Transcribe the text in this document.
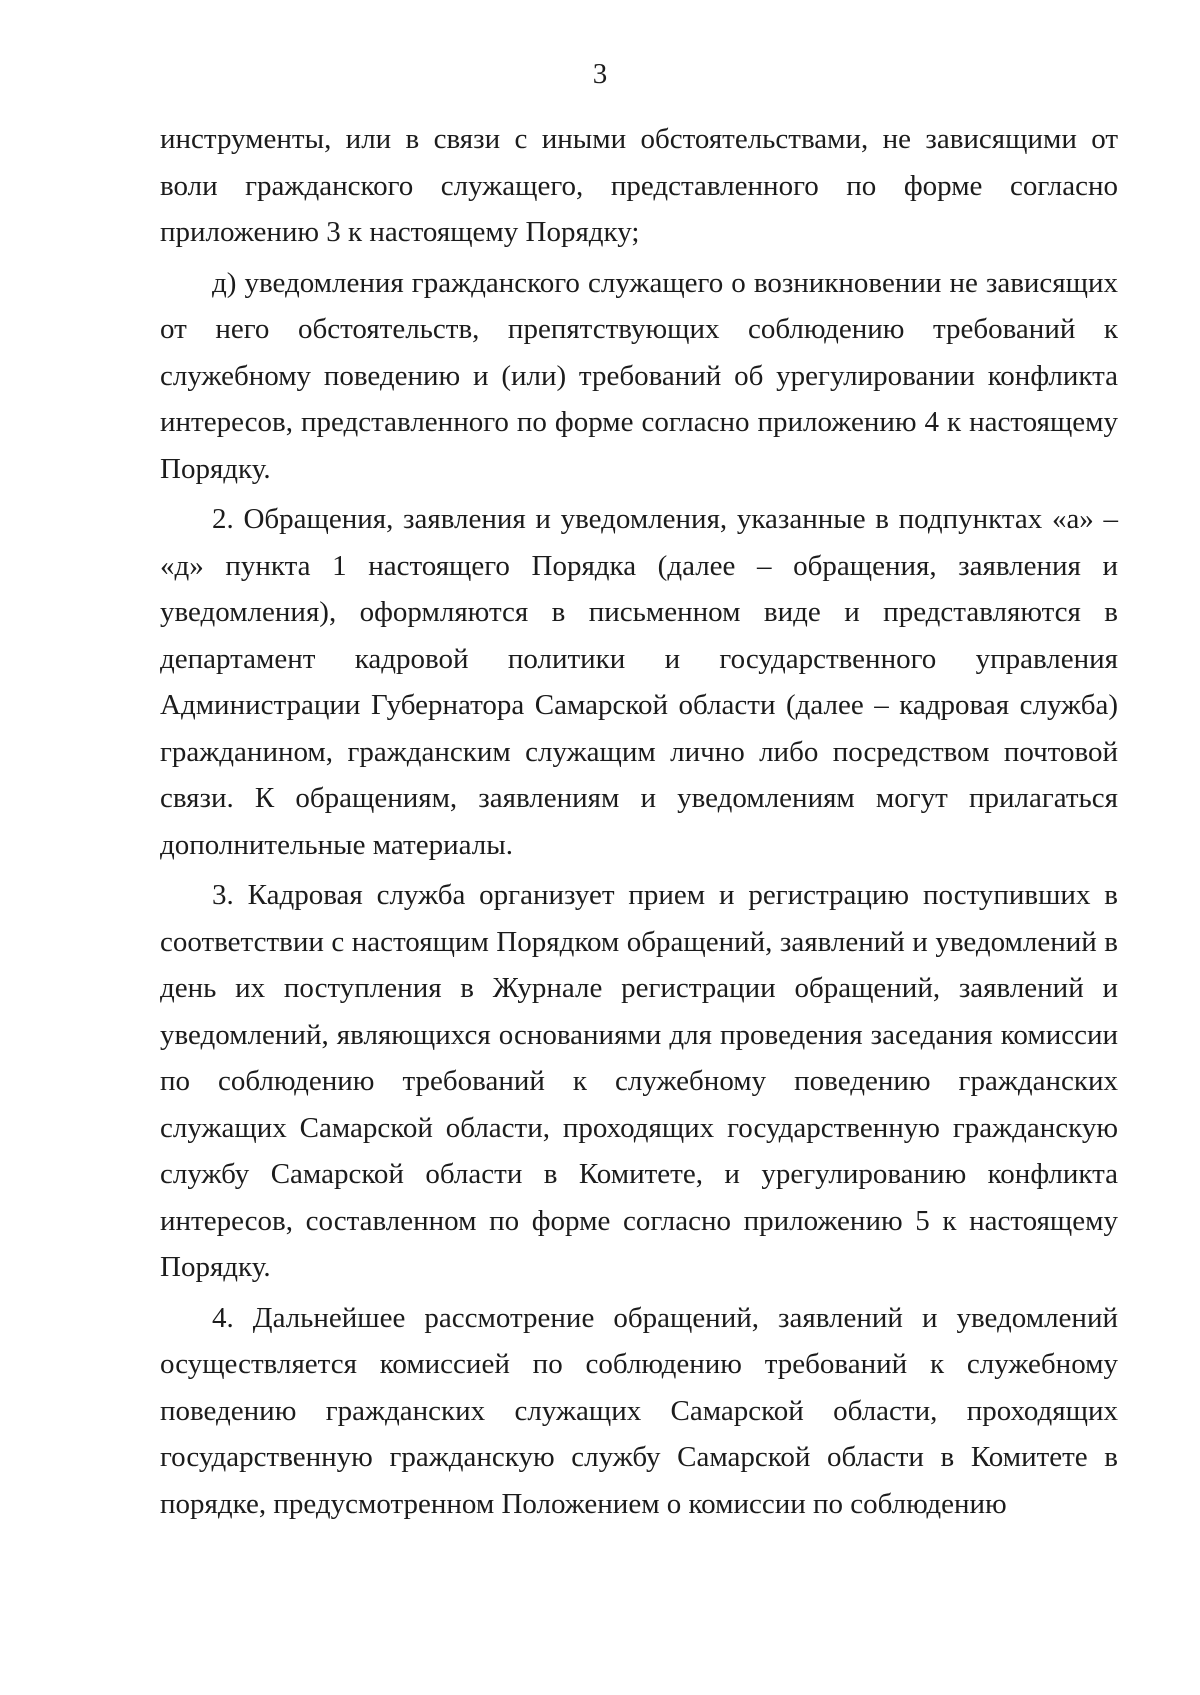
3

инструменты, или в связи с иными обстоятельствами, не зависящими от воли гражданского служащего, представленного по форме согласно приложению 3 к настоящему Порядку;

д) уведомления гражданского служащего о возникновении не зависящих от него обстоятельств, препятствующих соблюдению требований к служебному поведению и (или) требований об урегулировании конфликта интересов, представленного по форме согласно приложению 4 к настоящему Порядку.

2. Обращения, заявления и уведомления, указанные в подпунктах «а» – «д» пункта 1 настоящего Порядка (далее – обращения, заявления и уведомления), оформляются в письменном виде и представляются в департамент кадровой политики и государственного управления Администрации Губернатора Самарской области (далее – кадровая служба) гражданином, гражданским служащим лично либо посредством почтовой связи. К обращениям, заявлениям и уведомлениям могут прилагаться дополнительные материалы.

3. Кадровая служба организует прием и регистрацию поступивших в соответствии с настоящим Порядком обращений, заявлений и уведомлений в день их поступления в Журнале регистрации обращений, заявлений и уведомлений, являющихся основаниями для проведения заседания комиссии по соблюдению требований к служебному поведению гражданских служащих Самарской области, проходящих государственную гражданскую службу Самарской области в Комитете, и урегулированию конфликта интересов, составленном по форме согласно приложению 5 к настоящему Порядку.

4. Дальнейшее рассмотрение обращений, заявлений и уведомлений осуществляется комиссией по соблюдению требований к служебному поведению гражданских служащих Самарской области, проходящих государственную гражданскую службу Самарской области в Комитете в порядке, предусмотренном Положением о комиссии по соблюдению
